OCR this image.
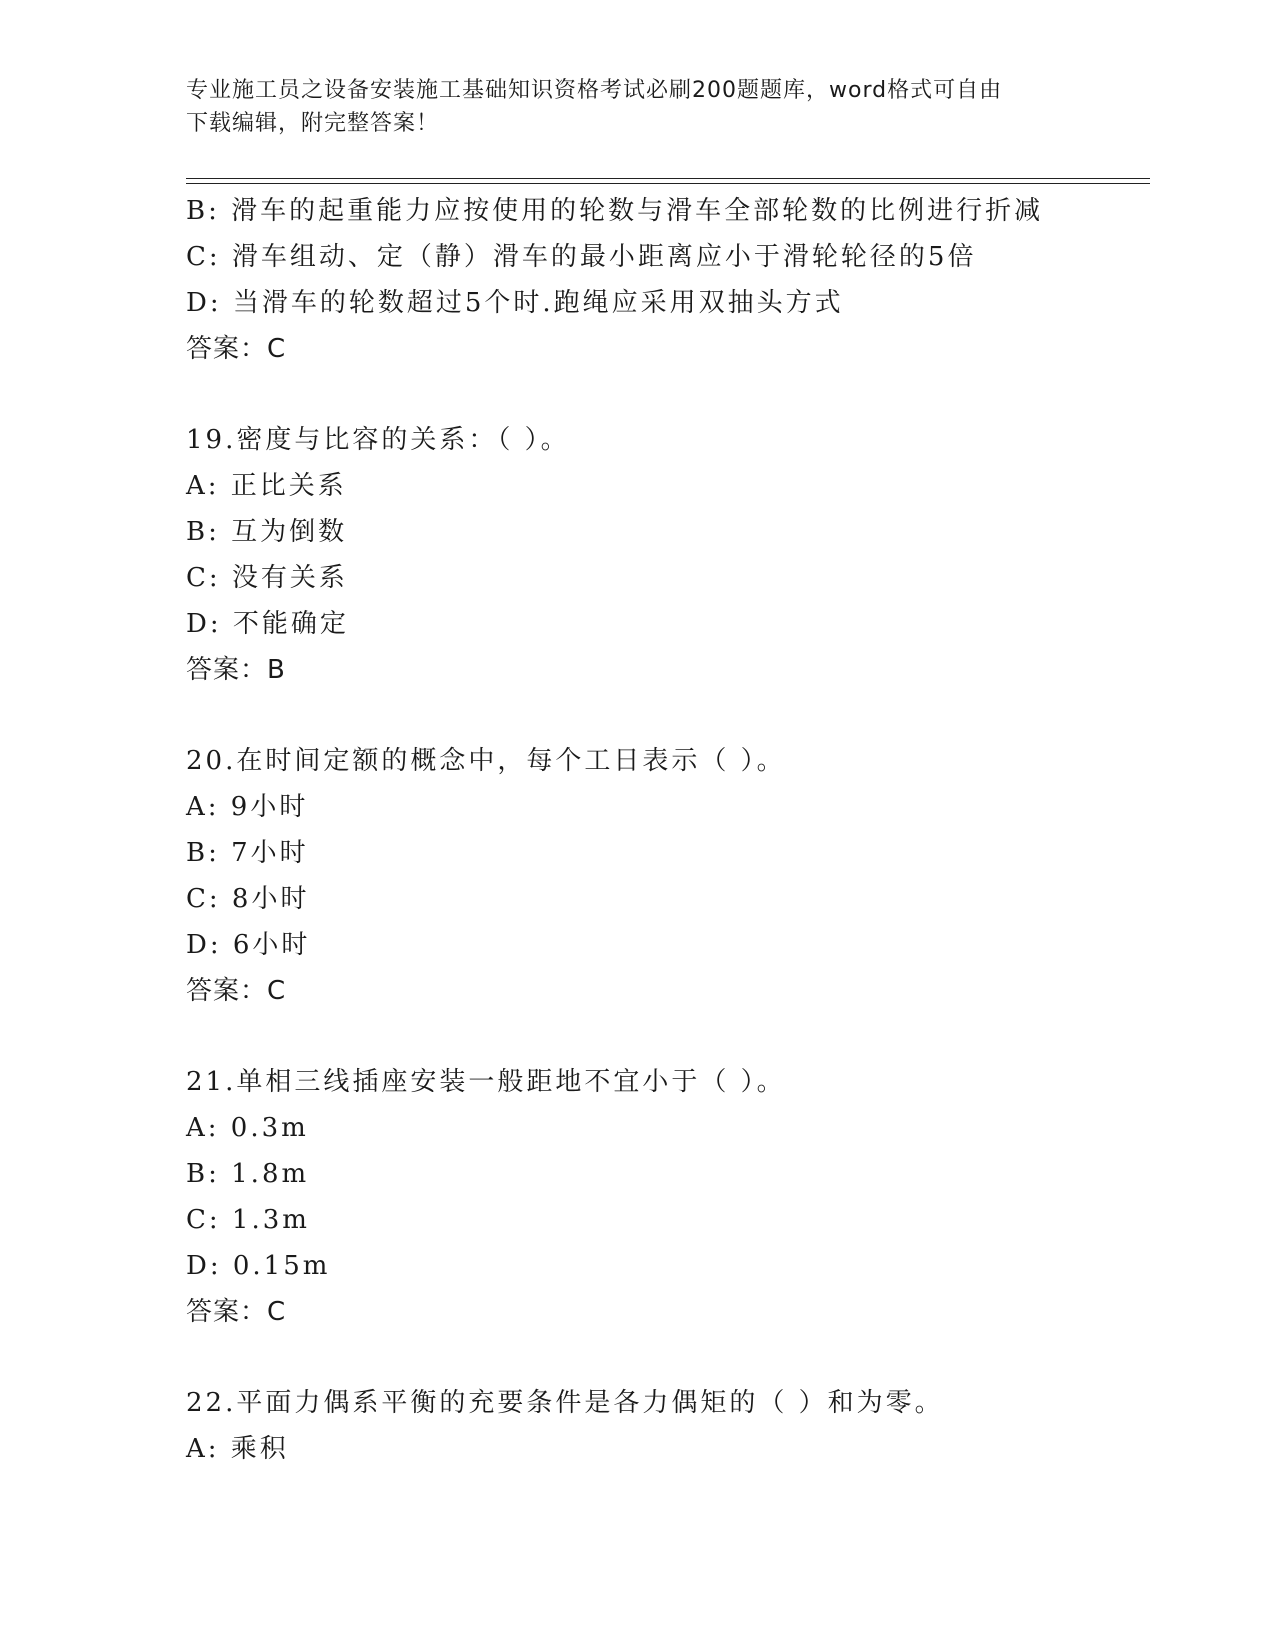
专业施工员之设备安装施工基础知识资格考试必刷200题题库，word格式可自由
下载编辑，附完整答案！
B: 滑车的起重能力应按使用的轮数与滑车全部轮数的比例进行折减
C: 滑车组动、定（静）滑车的最小距离应小于滑轮轮径的5倍
D: 当滑车的轮数超过5个时.跑绳应采用双抽头方式
答案：C
19.密度与比容的关系：（ ）。
A: 正比关系
B: 互为倒数
C: 没有关系
D: 不能确定
答案：B
20.在时间定额的概念中，每个工日表示（ ）。
A: 9小时
B: 7小时
C: 8小时
D: 6小时
答案：C
21.单相三线插座安装一般距地不宜小于（ ）。
A: 0.3m
B: 1.8m
C: 1.3m
D: 0.15m
答案：C
22.平面力偶系平衡的充要条件是各力偶矩的（ ）和为零。
A: 乘积
